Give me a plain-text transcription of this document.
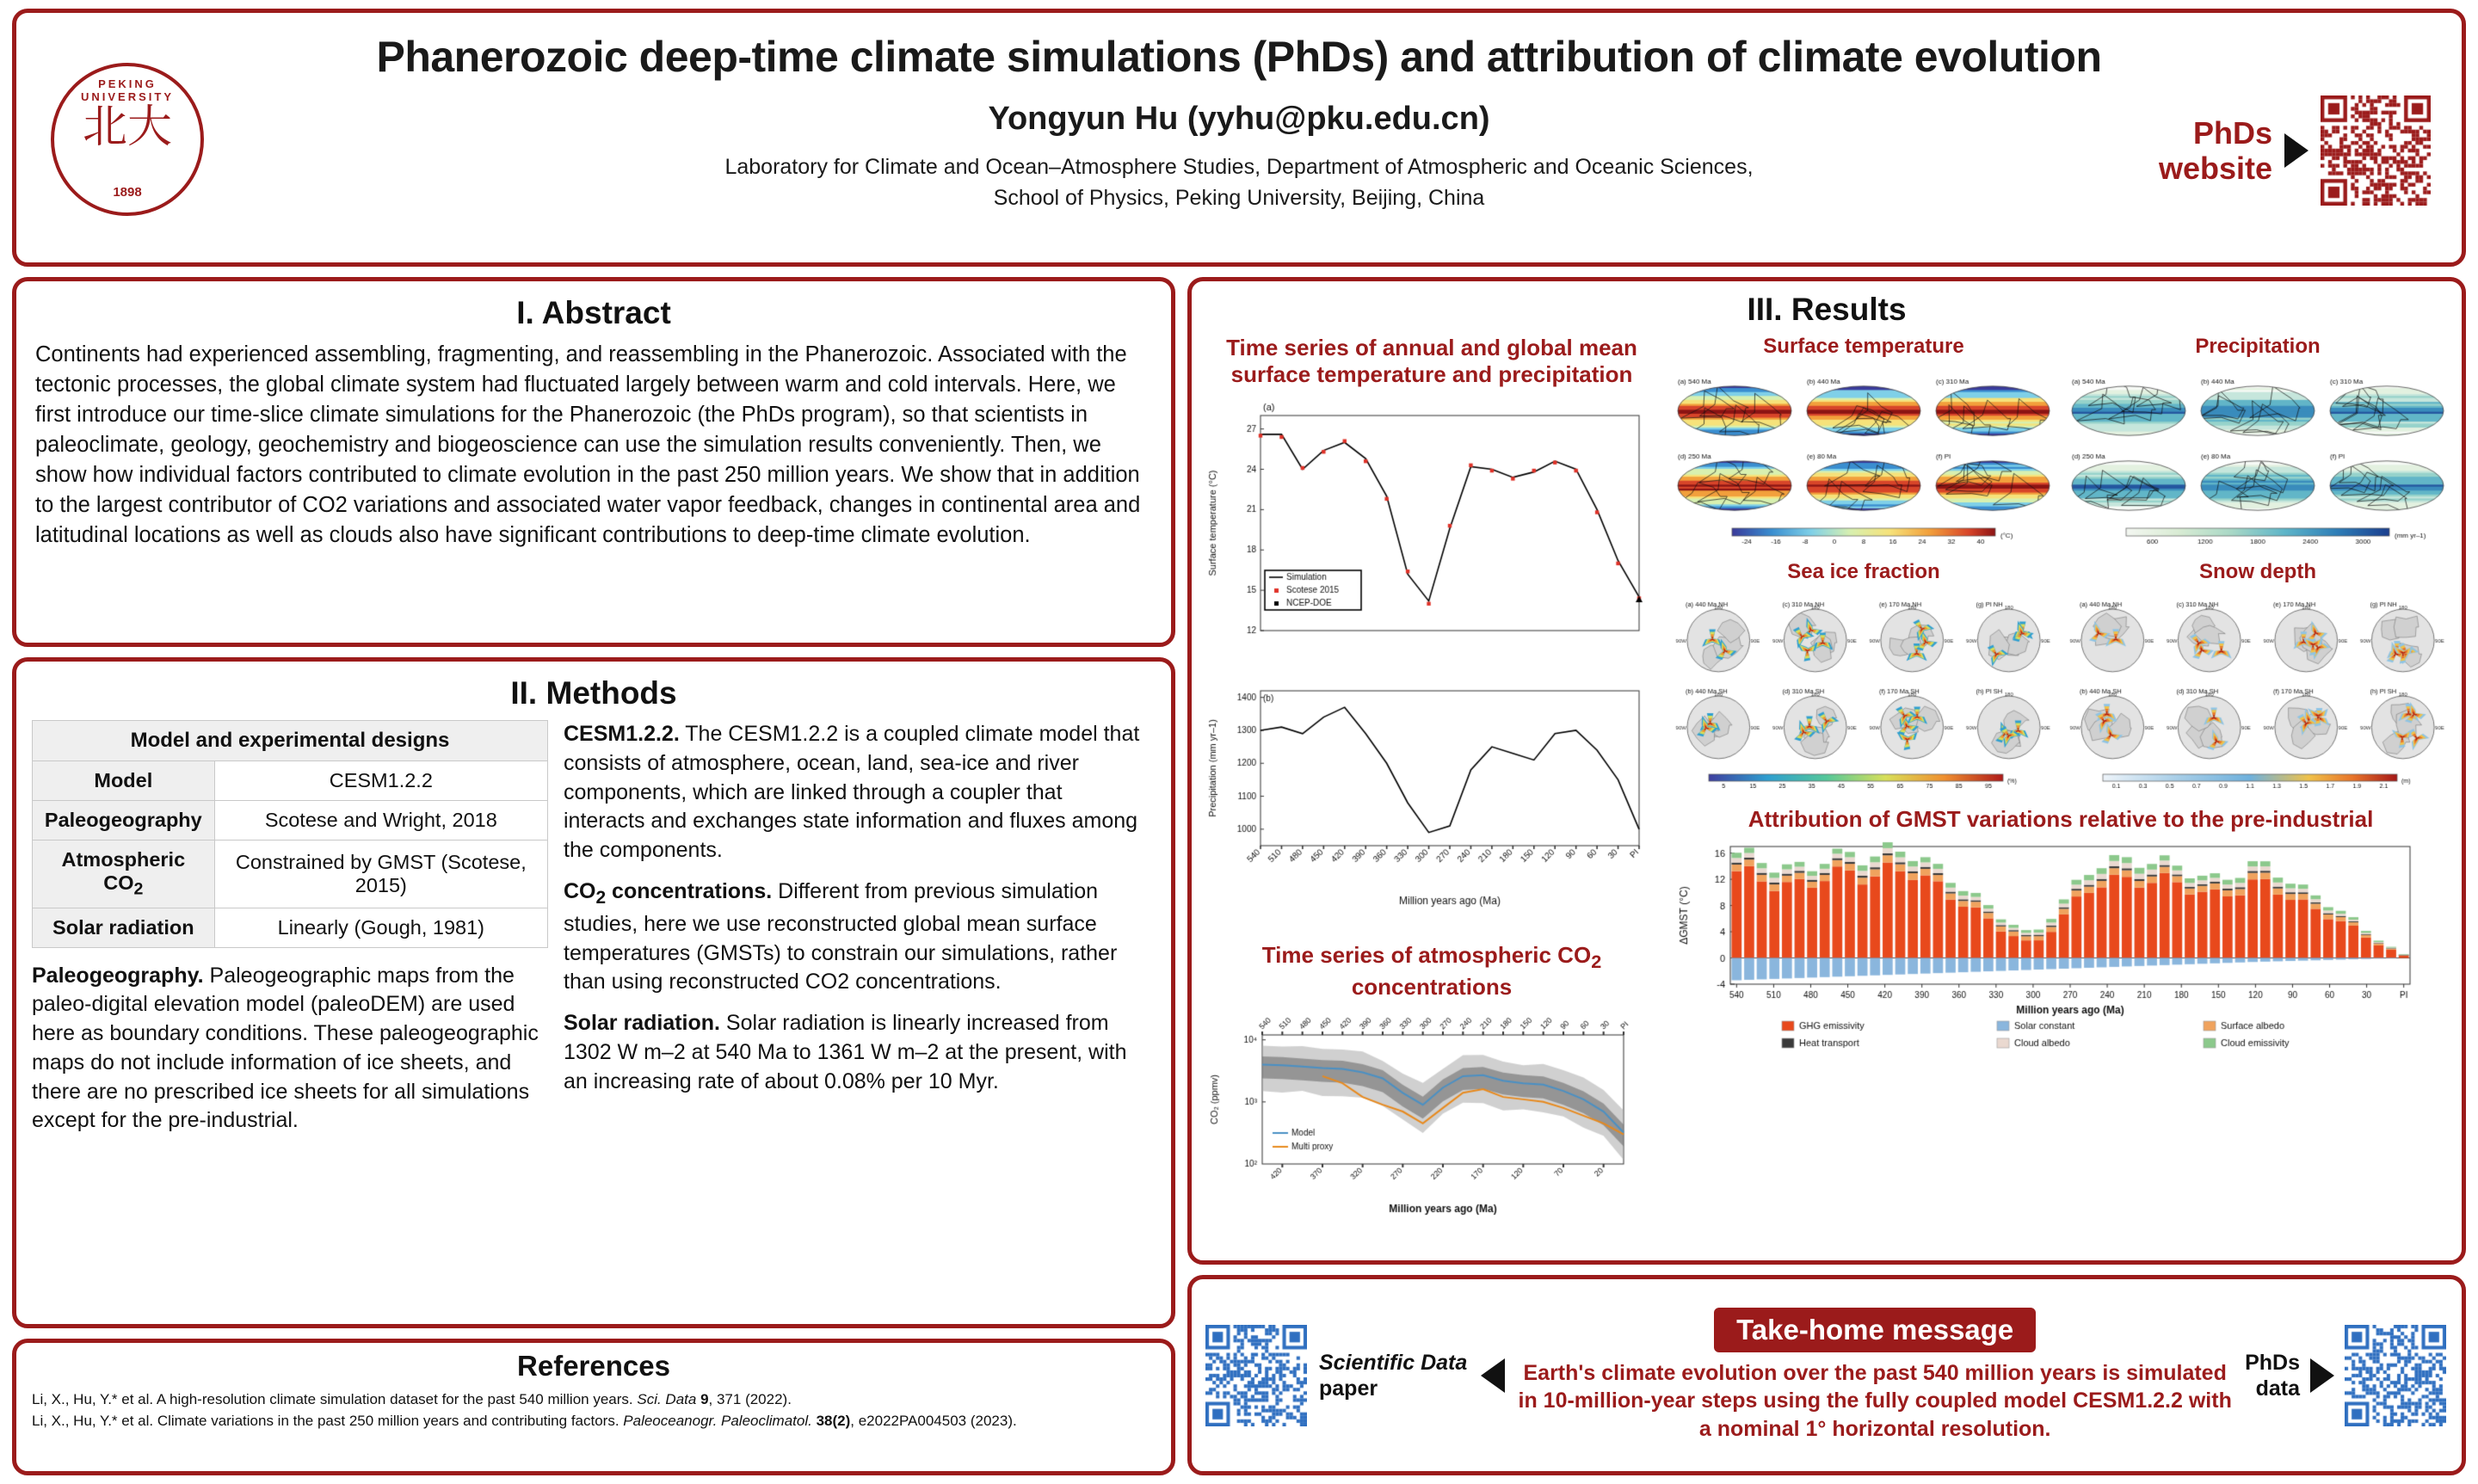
PEKING UNIVERSITY
北大
1898
Phanerozoic deep-time climate simulations (PhDs) and attribution of climate evolution
Yongyun Hu (yyhu@pku.edu.cn)
Laboratory for Climate and Ocean–Atmosphere Studies, Department of Atmospheric and Oceanic Sciences,
School of Physics, Peking University, Beijing, China
PhDs
website
I. Abstract
Continents had experienced assembling, fragmenting, and reassembling in the Phanerozoic. Associated with the tectonic processes, the global climate system had fluctuated largely between warm and cold intervals. Here, we first introduce our time-slice climate simulations for the Phanerozoic (the PhDs program), so that scientists in paleoclimate, geology, geochemistry and biogeoscience can use the simulation results conveniently. Then, we show how individual factors contributed to climate evolution in the past 250 million years. We show that in addition to the largest contributor of CO2 variations and associated water vapor feedback, changes in continental area and latitudinal locations as well as clouds also have significant contributions to deep-time climate evolution.
II. Methods
Model and experimental designs	
Model	CESM1.2.2
Paleogeography	Scotese and Wright, 2018
Atmospheric $CO_2$	Constrained by GMST (Scotese, 2015)
Solar radiation	Linearly (Gough, 1981)
Paleogeography. Paleogeographic maps from the paleo-digital elevation model (paleoDEM) are used here as boundary conditions. These paleogeographic maps do not include information of ice sheets, and there are no prescribed ice sheets for all simulations except for the pre-industrial.

CESM1.2.2. The CESM1.2.2 is a coupled climate model that consists of atmosphere, ocean, land, sea-ice and river components, which are linked through a coupler that interacts and exchanges state information and fluxes among the components.

$CO_2$ concentrations. Different from previous simulation studies, here we use reconstructed global mean surface temperatures (GMSTs) to constrain our simulations, rather than using reconstructed CO2 concentrations.

Solar radiation. Solar radiation is linearly increased from 1302 W m–2 at 540 Ma to 1361 W m–2 at the present, with an increasing rate of about 0.08% per 10 Myr.

References
Li, X., Hu, Y.* et al. A high-resolution climate simulation dataset for the past 540 million years. Sci. Data 9, 371 (2022).
Li, X., Hu, Y.* et al. Climate variations in the past 250 million years and contributing factors. Paleoceanogr. Paleoclimatol. 38(2), e2022PA004503 (2023).
III. Results
Time series of annual and global mean surface temperature and precipitation
Time series of atmospheric $CO_2$ concentrations
Surface temperature	Precipitation
Sea ice fraction	Snow depth
Attribution of GMST variations relative to the pre-industrial
Scientific Data
paper
Take-home message
Earth's climate evolution over the past 540 million years is simulated in 10-million-year steps using the fully coupled model CESM1.2.2 with a nominal 1° horizontal resolution.
PhDs
data
